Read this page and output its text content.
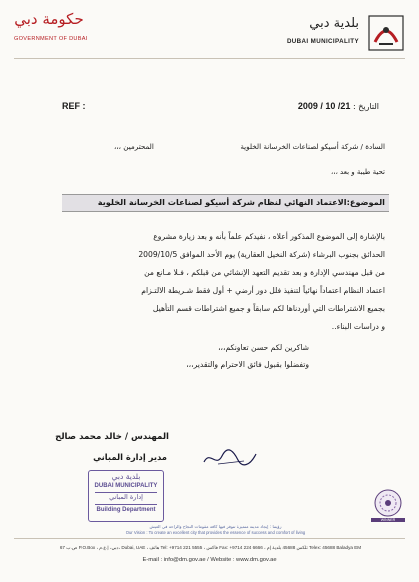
حكومة دبي
GOVERNMENT OF DUBAI
بلدية دبي
DUBAI MUNICIPALITY
REF :	التاريخ : 2009 / 10 /21
السادة / شركة أسيكو لصناعات الخرسانة الخلوية
المحترمين ،،،
تحية طيبة و بعد ،،،
الموضوع:الاعتماد النهائي لنظام شركة أسيكو لصناعات الخرسانة الخلوية
بالإشارة إلى الموضوع المذكور أعلاه ، نفيدكم علماً بأنه و بعد زيارة مشروع
الحدائق بجنوب البرشاء (شركة النخيل العقارية) يوم الأحد الموافق 2009/10/5
من قبل مهندسي الإدارة و بعد تقديم التعهد الإنشائي من قبلكم ، فـلا مـانع من
اعتماد النظام اعتماداً نهائياً لتنفيذ فلل دور أرضي + أول فقط شـريطة الالتـزام
بجميع الاشتراطات التي أوردناها لكم سابقاً و جميع اشتراطات قسم التأهيل
و دراسات البناء..
شاكرين لكم حسن تعاونكم،،،
وتفضلوا بقبول فائق الاحترام والتقدير،،،
المهندس / خالد محمد صالح
مدير إدارة المباني
بلدية دبي
DUBAI MUNICIPALITY
إدارة المباني
Building Department
WINNER
رؤيتنا : إيجاد مدينة متميزة تتوفر فيها كافة مقومات النجاح والراحة في العيش
Our Vision : To create an excellent city that provides the essence of success and comfort of living
ص.ب 67 P.O.Box ، دبي، إ.ع.م، Dubai, UAE ، هاتف Tel: +9714 221 5555 ، فاكس Fax: +9714 224 6666 ، تلكس 45688 بلدية إم Telex: 45688 Baladya EM
E-mail : info@dm.gov.ae / Website : www.dm.gov.ae
